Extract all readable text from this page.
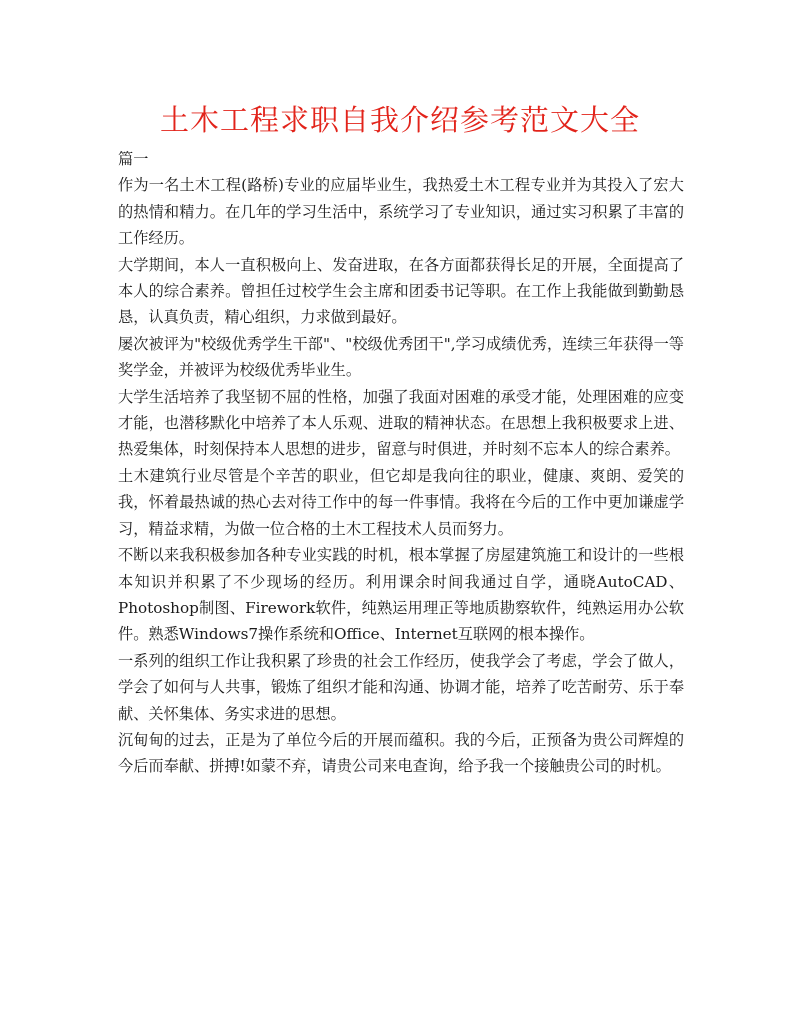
土木工程求职自我介绍参考范文大全

篇一

作为一名土木工程(路桥)专业的应届毕业生，我热爱土木工程专业并为其投入了宏大的热情和精力。在几年的学习生活中，系统学习了专业知识，通过实习积累了丰富的工作经历。

大学期间，本人一直积极向上、发奋进取，在各方面都获得长足的开展，全面提高了本人的综合素养。曾担任过校学生会主席和团委书记等职。在工作上我能做到勤勤恳恳，认真负责，精心组织，力求做到最好。

屡次被评为"校级优秀学生干部"、"校级优秀团干",学习成绩优秀，连续三年获得一等奖学金，并被评为校级优秀毕业生。

大学生活培养了我坚韧不屈的性格，加强了我面对困难的承受才能，处理困难的应变才能，也潜移默化中培养了本人乐观、进取的精神状态。在思想上我积极要求上进、热爱集体，时刻保持本人思想的进步，留意与时俱进，并时刻不忘本人的综合素养。

土木建筑行业尽管是个辛苦的职业，但它却是我向往的职业，健康、爽朗、爱笑的我，怀着最热诚的热心去对待工作中的每一件事情。我将在今后的工作中更加谦虚学习，精益求精，为做一位合格的土木工程技术人员而努力。

不断以来我积极参加各种专业实践的时机，根本掌握了房屋建筑施工和设计的一些根本知识并积累了不少现场的经历。利用课余时间我通过自学，通晓AutoCAD、Photoshop制图、Firework软件，纯熟运用理正等地质勘察软件，纯熟运用办公软件。熟悉Windows7操作系统和Office、Internet互联网的根本操作。

一系列的组织工作让我积累了珍贵的社会工作经历，使我学会了考虑，学会了做人，学会了如何与人共事，锻炼了组织才能和沟通、协调才能，培养了吃苦耐劳、乐于奉献、关怀集体、务实求进的思想。

沉甸甸的过去，正是为了单位今后的开展而蕴积。我的今后，正预备为贵公司辉煌的今后而奉献、拼搏!如蒙不弃，请贵公司来电查询，给予我一个接触贵公司的时机。
